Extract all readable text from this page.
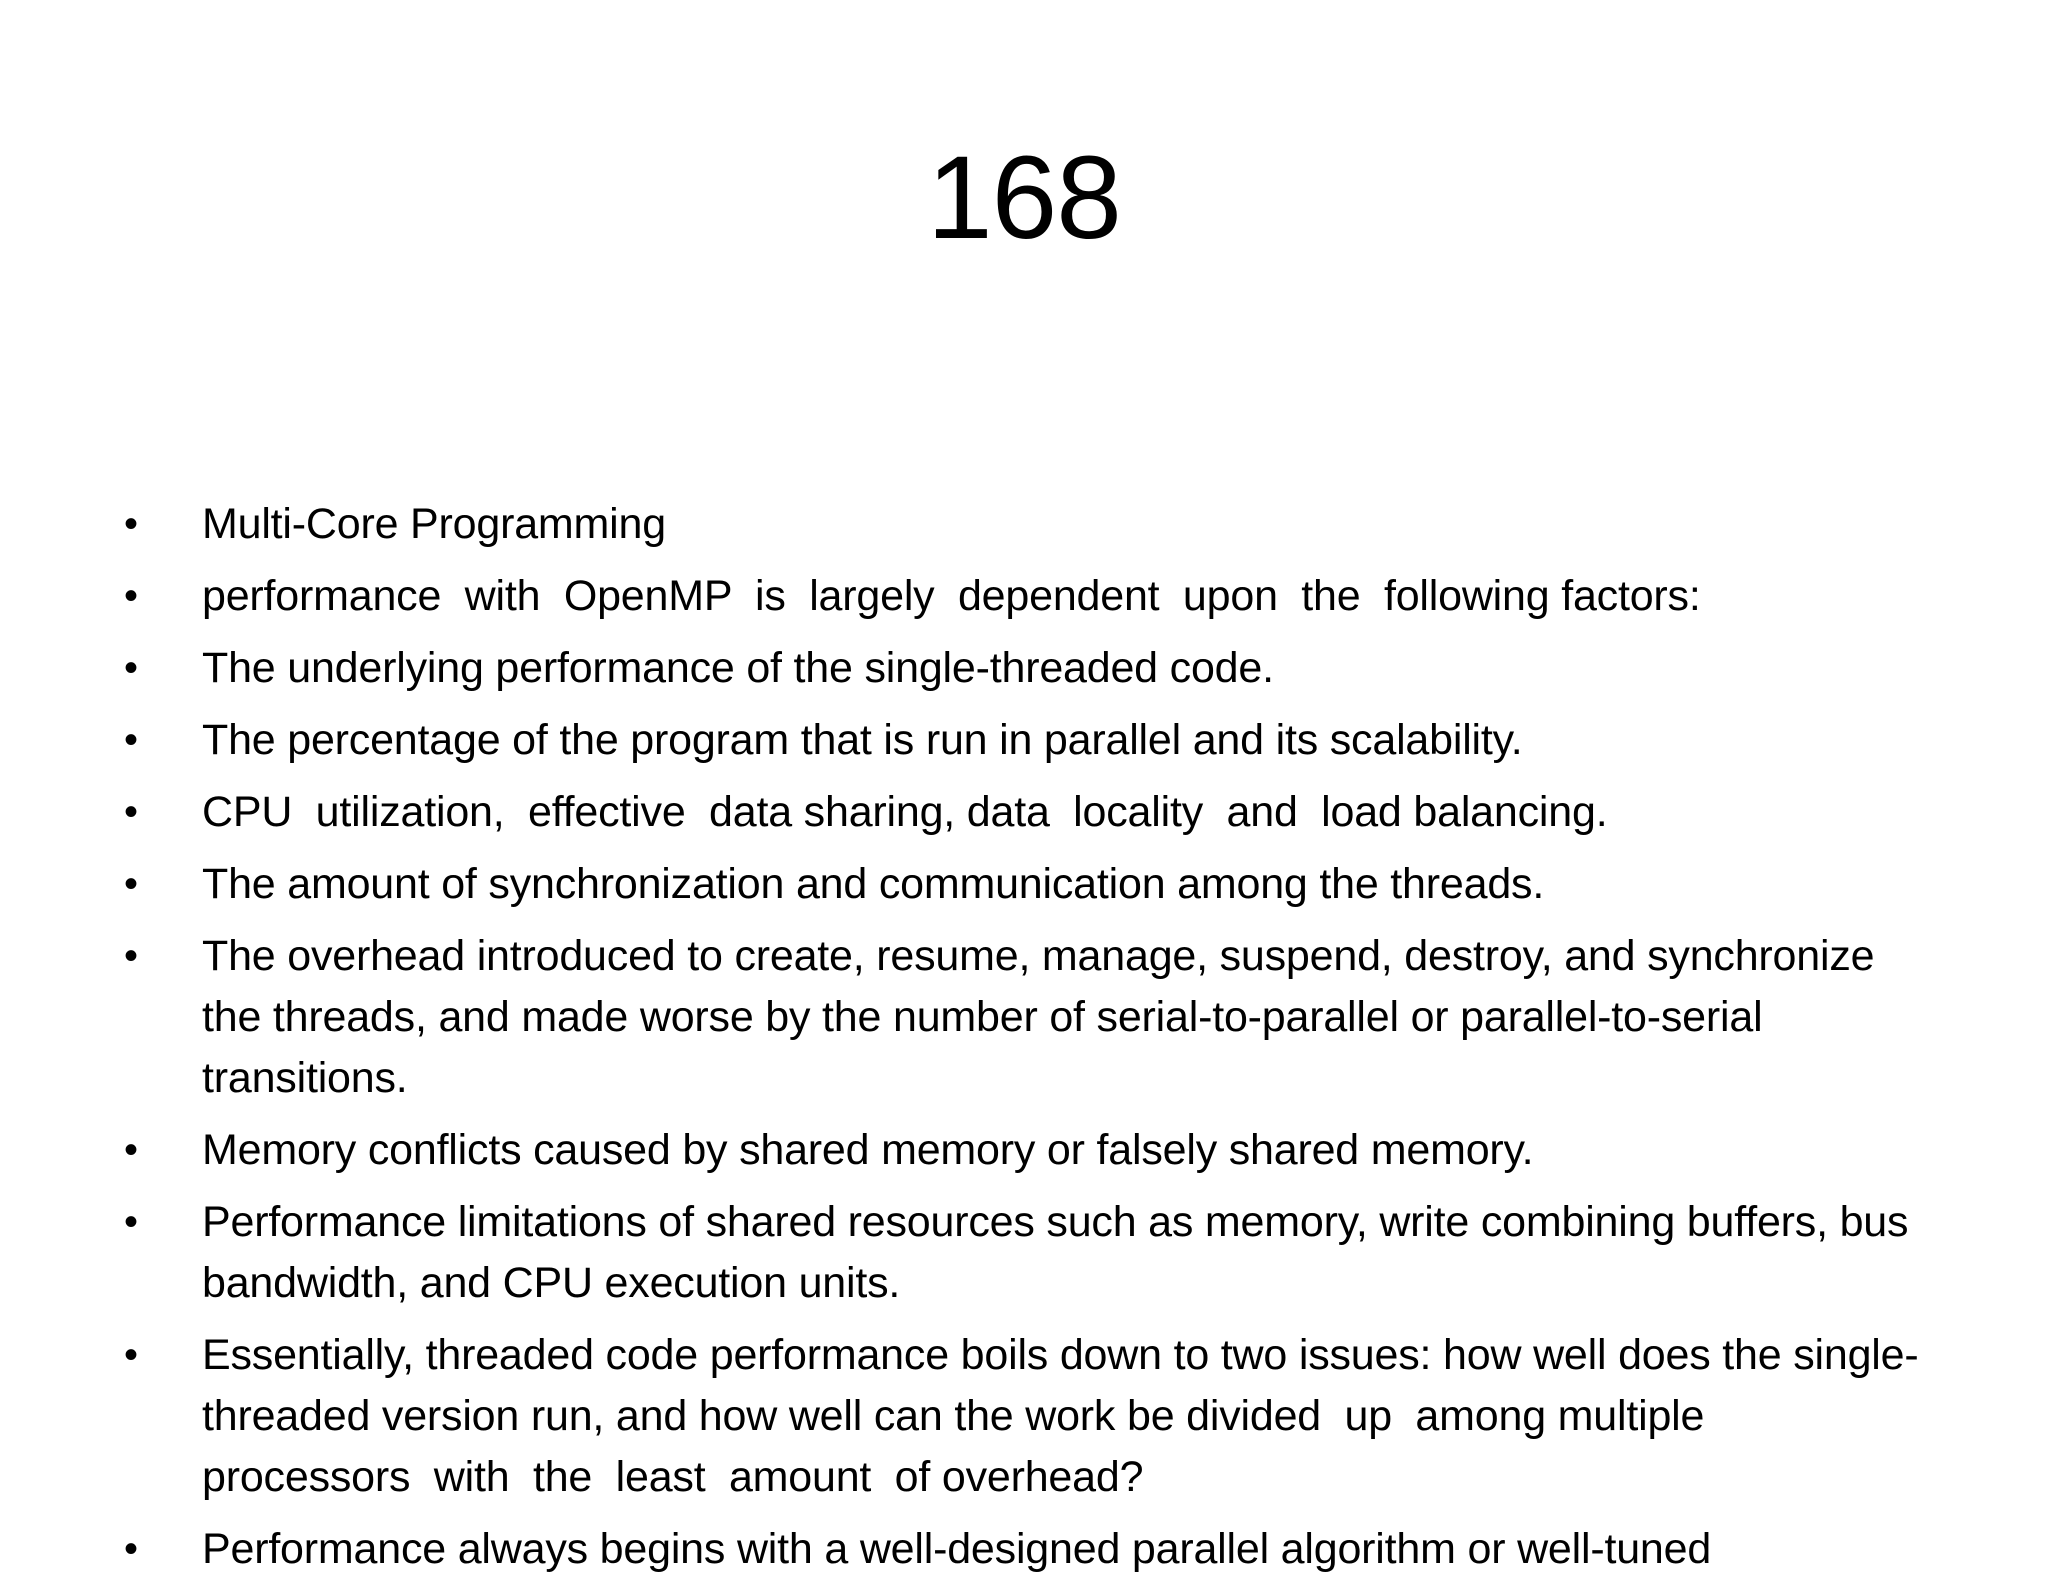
168
•	Multi-Core Programming
•	performance  with  OpenMP  is  largely  dependent  upon  the  following factors:
•	The underlying performance of the single-threaded code.
•	The percentage of the program that is run in parallel and its scalability.
•	CPU  utilization,  effective  data sharing, data  locality  and  load balancing.
•	The amount of synchronization and communication among the threads.
•	The overhead introduced to create, resume, manage, suspend, destroy, and synchronize the threads, and made worse by the number of serial-to-parallel or parallel-to-serial transitions.
•	Memory conflicts caused by shared memory or falsely shared memory.
•	Performance limitations of shared resources such as memory, write combining buffers, bus bandwidth, and CPU execution units.
•	Essentially, threaded code performance boils down to two issues: how well does the single-threaded version run, and how well can the work be divided  up  among multiple  processors  with  the  least  amount  of overhead?
•	Performance always begins with a well-designed parallel algorithm or well-tuned
